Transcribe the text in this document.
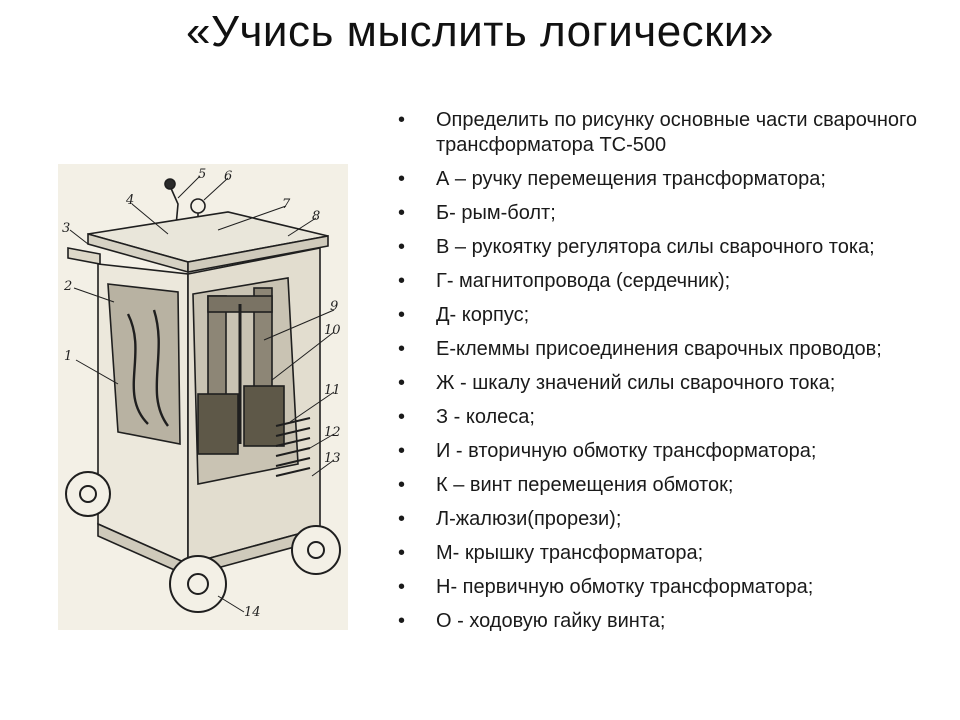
«Учись мыслить логически»
1
2
3
4
5 6
7
8
9
10
11
12
13
14
• Определить по рисунку основные части сварочного трансформатора ТС-500
• А – ручку перемещения трансформатора;
• Б- рым-болт;
• В – рукоятку регулятора силы сварочного тока;
• Г- магнитопровода (сердечник);
• Д- корпус;
• Е-клеммы присоединения сварочных проводов;
• Ж - шкалу значений силы сварочного тока;
• З - колеса;
• И - вторичную обмотку трансформатора;
• К – винт перемещения обмоток;
• Л-жалюзи(прорези);
• М- крышку трансформатора;
• Н- первичную обмотку трансформатора;
• О - ходовую гайку винта;
